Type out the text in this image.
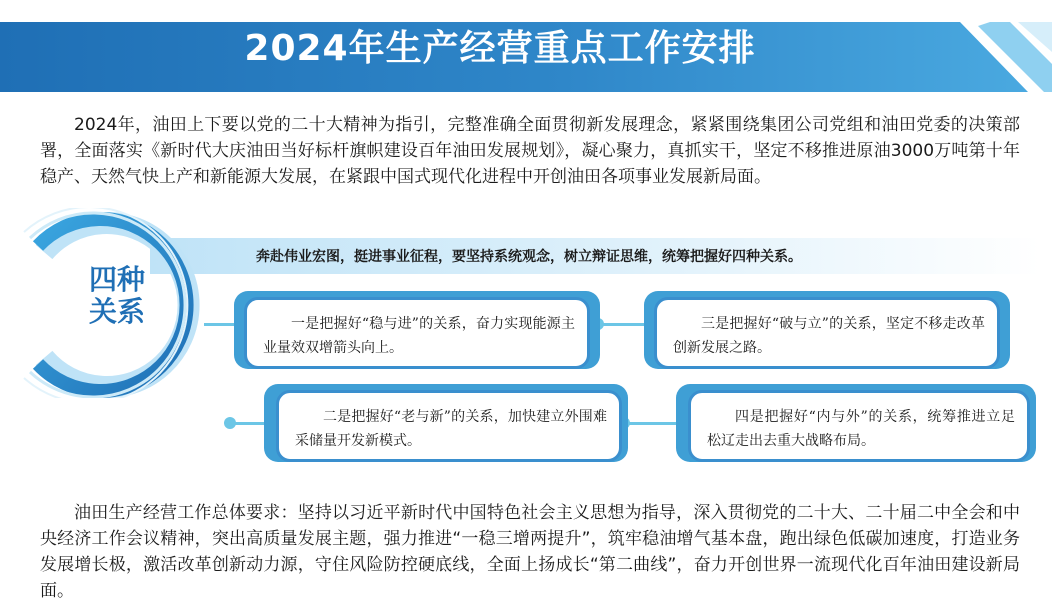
2024年生产经营重点工作安排

2024年，油田上下要以党的二十大精神为指引，完整准确全面贯彻新发展理念，紧紧围绕集团公司党组和油田党委的决策部署，全面落实《新时代大庆油田当好标杆旗帜建设百年油田发展规划》，凝心聚力，真抓实干，坚定不移推进原油3000万吨第十年稳产、天然气快上产和新能源大发展，在紧跟中国式现代化进程中开创油田各项事业发展新局面。

四种
关系
奔赴伟业宏图，挺进事业征程，要坚持系统观念，树立辩证思维，统筹把握好四种关系。

一是把握好“稳与进”的关系，奋力实现能源主业量效双增箭头向上。

三是把握好“破与立”的关系，坚定不移走改革创新发展之路。

二是把握好“老与新”的关系，加快建立外围难采储量开发新模式。

四是把握好“内与外”的关系，统筹推进立足松辽走出去重大战略布局。

油田生产经营工作总体要求：坚持以习近平新时代中国特色社会主义思想为指导，深入贯彻党的二十大、二十届二中全会和中央经济工作会议精神，突出高质量发展主题，强力推进“一稳三增两提升”，筑牢稳油增气基本盘，跑出绿色低碳加速度，打造业务发展增长极，激活改革创新动力源，守住风险防控硬底线，全面上扬成长“第二曲线”，奋力开创世界一流现代化百年油田建设新局面。
